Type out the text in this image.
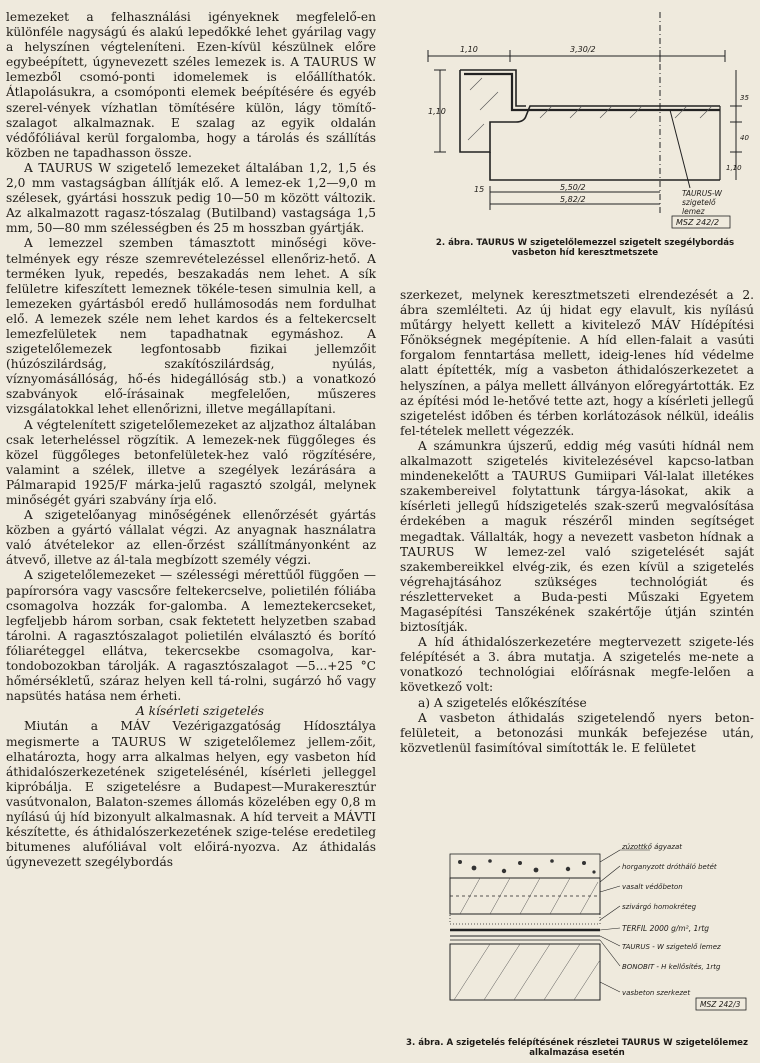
lemezeket a felhasználási igényeknek megfelelő-en különféle nagyságú és alakú lepedőkké lehet gyárilag vagy a helyszínen végteleníteni. Ezen-kívül készülnek előre egybeépített, úgynevezett széles lemezek is. A TAURUS W lemezből csomó-ponti idomelemek is előállíthatók. Átlapolásukra, a csomóponti elemek beépítésére és egyéb szerel-vények vízhatlan tömítésére külön, lágy tömítő-szalagot alkalmaznak. E szalag az egyik oldalán védőfóliával kerül forgalomba, hogy a tárolás és szállítás közben ne tapadhasson össze.

A TAURUS W szigetelő lemezeket általában 1,2, 1,5 és 2,0 mm vastagságban állítják elő. A lemez-ek 1,2—9,0 m szélesek, gyártási hosszuk pedig 10—50 m között változik. Az alkalmazott ragasz-tószalag (Butilband) vastagsága 1,5 mm, 50—80 mm szélességben és 25 m hosszban gyártják.

A lemezzel szemben támasztott minőségi köve-telmények egy része szemrevételezéssel ellenőriz-hető. A terméken lyuk, repedés, beszakadás nem lehet. A sík felületre kifeszített lemeznek tökéle-tesen simulnia kell, a lemezeken gyártásból eredő hullámosodás nem fordulhat elő. A lemezek széle nem lehet kardos és a feltekercselt lemezfelületek nem tapadhatnak egymáshoz. A szigetelőlemezek legfontosabb fizikai jellemzőit (húzószilárdság, szakítószilárdság, nyúlás, víznyomásállóság, hő-és hidegállóság stb.) a vonatkozó szabványok elő-írásainak megfelelően, műszeres vizsgálatokkal lehet ellenőrizni, illetve megállapítani.

A végtelenített szigetelőlemezeket az aljzathoz általában csak leterheléssel rögzítik. A lemezek-nek függőleges és közel függőleges betonfelületek-hez való rögzítésére, valamint a szélek, illetve a szegélyek lezárására a Pálmarapid 1925/F márka-jelű ragasztó szolgál, melynek minőségét gyári szabvány írja elő.

A szigetelőanyag minőségének ellenőrzését gyártás közben a gyártó vállalat végzi. Az anyagnak használatra való átvételekor az ellen-őrzést szállítmányonként az átvevő, illetve az ál-tala megbízott személy végzi.

A szigetelőlemezeket — szélességi mérettűől függően — papírorsóra vagy vascsőre feltekercselve, polietilén fóliába csomagolva hozzák for-galomba. A lemeztekercseket, legfeljebb három sorban, csak fektetett helyzetben szabad tárolni. A ragasztószalagot polietilén elválasztó és borító fóliaréteggel ellátva, tekercsekbe csomagolva, kar-tondobozokban tárolják. A ragasztószalagot —5...+25 °C hőmérsékletű, száraz helyen kell tá-rolni, sugárzó hő vagy napsütés hatása nem érheti.

A kísérleti szigetelés

Miután a MÁV Vezérigazgatóság Hídosztálya megismerte a TAURUS W szigetelőlemez jellem-zőit, elhatározta, hogy arra alkalmas helyen, egy vasbeton híd áthidalószerkezetének szigetelésénél, kísérleti jelleggel kipróbálja. E szigetelésre a Budapest—Murakeresztúr vasútvonalon, Balaton-szemes állomás közelében egy 0,8 m nyílású új híd bizonyult alkalmasnak. A híd terveit a MÁVTI készítette, és áthidalószerkezetének szige-telése eredetileg bitumenes alufóliával volt előirá-nyozva. Az áthidalás úgynevezett szegélybordás

1,10	3,30/2
1,10
35
40
1,10
15	5,50/2
5,82/2
TAURUS-W
szigetelő
lemez
MSZ 242/2
2. ábra. TAURUS W szigetelőlemezzel szigetelt szegélybordás vasbeton híd keresztmetszete

szerkezet, melynek keresztmetszeti elrendezését a 2. ábra szemlélteti. Az új hidat egy elavult, kis nyílású műtárgy helyett kellett a kivitelező MÁV Hídépítési Főnökségnek megépítenie. A híd ellen-falait a vasúti forgalom fenntartása mellett, ideig-lenes híd védelme alatt építették, míg a vasbeton áthidalószerkezetet a helyszínen, a pálya mellett állványon előregyártották. Ez az építési mód le-hetővé tette azt, hogy a kísérleti jellegű szigetelést időben és térben korlátozások nélkül, ideális fel-tételek mellett végezzék.

A számunkra újszerű, eddig még vasúti hídnál nem alkalmazott szigetelés kivitelezésével kapcso-latban mindenekelőtt a TAURUS Gumiipari Vál-lalat illetékes szakembereivel folytattunk tárgya-lásokat, akik a kísérleti jellegű hídszigetelés szak-szerű megvalósítása érdekében a maguk részéről minden segítséget megadtak. Vállalták, hogy a nevezett vasbeton hídnak a TAURUS W lemez-zel való szigetelését saját szakembereikkel elvég-zik, és ezen kívül a szigetelés végrehajtásához szükséges technológiát és részletterveket a Buda-pesti Műszaki Egyetem Magasépítési Tanszékének szakértője útján szintén biztosítják.

A híd áthidalószerkezetére megtervezett szigete-lés felépítését a 3. ábra mutatja. A szigetelés me-nete a vonatkozó technológiai előírásnak megfe-lelően a következő volt:

a) A szigetelés előkészítése

A vasbeton áthidalás szigetelendő nyers beton-felületeit, a betonozási munkák befejezése után, közvetlenül fasimítóval simították le. E felületet

zúzottkő ágyazat
horganyzott drótháló betét
vasalt védőbeton
szivárgó homokréteg
TERFIL 2000 g/m², 1rtg
TAURUS - W szigetelő lemez
BONOBIT - H kellősítés, 1rtg
vasbeton szerkezet
MSZ 242/3
3. ábra. A szigetelés felépítésének részletei TAURUS W szigetelőlemez alkalmazása esetén
